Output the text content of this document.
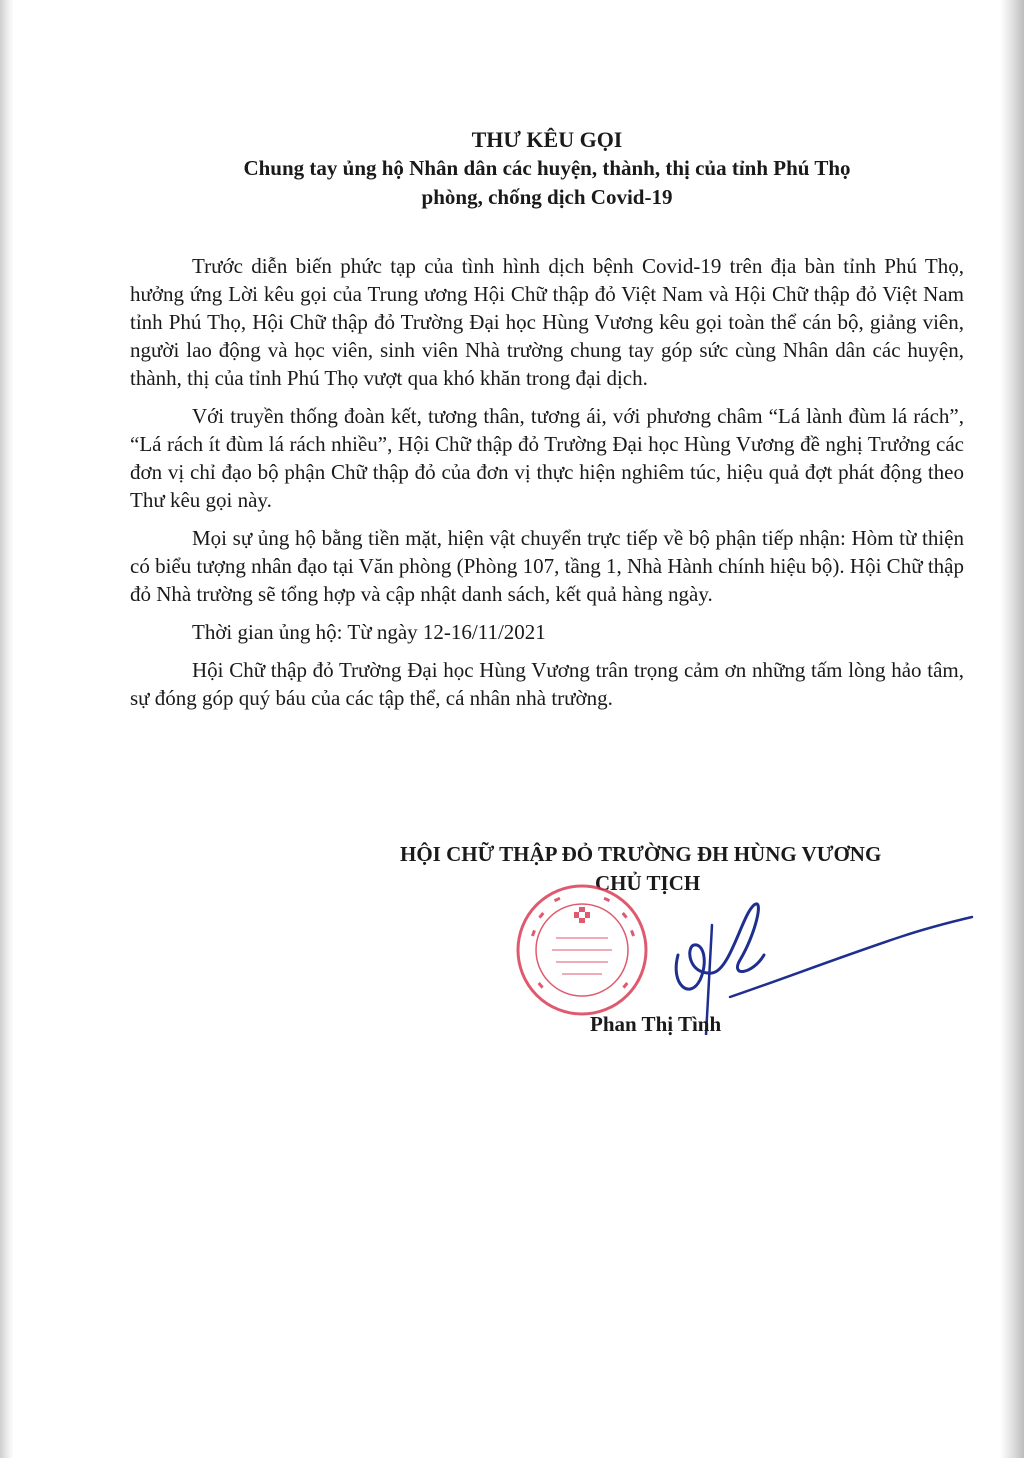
THƯ KÊU GỌI

Chung tay ủng hộ Nhân dân các huyện, thành, thị của tỉnh Phú Thọ

phòng, chống dịch Covid-19

Trước diễn biến phức tạp của tình hình dịch bệnh Covid-19 trên địa bàn tỉnh Phú Thọ, hưởng ứng Lời kêu gọi của Trung ương Hội Chữ thập đỏ Việt Nam và Hội Chữ thập đỏ Việt Nam tỉnh Phú Thọ, Hội Chữ thập đỏ Trường Đại học Hùng Vương kêu gọi toàn thể cán bộ, giảng viên, người lao động và học viên, sinh viên Nhà trường chung tay góp sức cùng Nhân dân các huyện, thành, thị của tỉnh Phú Thọ vượt qua khó khăn trong đại dịch.

Với truyền thống đoàn kết, tương thân, tương ái, với phương châm “Lá lành đùm lá rách”, “Lá rách ít đùm lá rách nhiều”, Hội Chữ thập đỏ Trường Đại học Hùng Vương đề nghị Trưởng các đơn vị chỉ đạo bộ phận Chữ thập đỏ của đơn vị thực hiện nghiêm túc, hiệu quả đợt phát động theo Thư kêu gọi này.

Mọi sự ủng hộ bằng tiền mặt, hiện vật chuyển trực tiếp về bộ phận tiếp nhận: Hòm từ thiện có biểu tượng nhân đạo tại Văn phòng (Phòng 107, tầng 1, Nhà Hành chính hiệu bộ). Hội Chữ thập đỏ Nhà trường sẽ tổng hợp và cập nhật danh sách, kết quả hàng ngày.

Thời gian ủng hộ: Từ ngày 12-16/11/2021

Hội Chữ thập đỏ Trường Đại học Hùng Vương trân trọng cảm ơn những tấm lòng hảo tâm, sự đóng góp quý báu của các tập thể, cá nhân nhà trường.

HỘI CHỮ THẬP ĐỎ TRƯỜNG ĐH HÙNG VƯƠNG
CHỦ TỊCH
Phan Thị Tình
